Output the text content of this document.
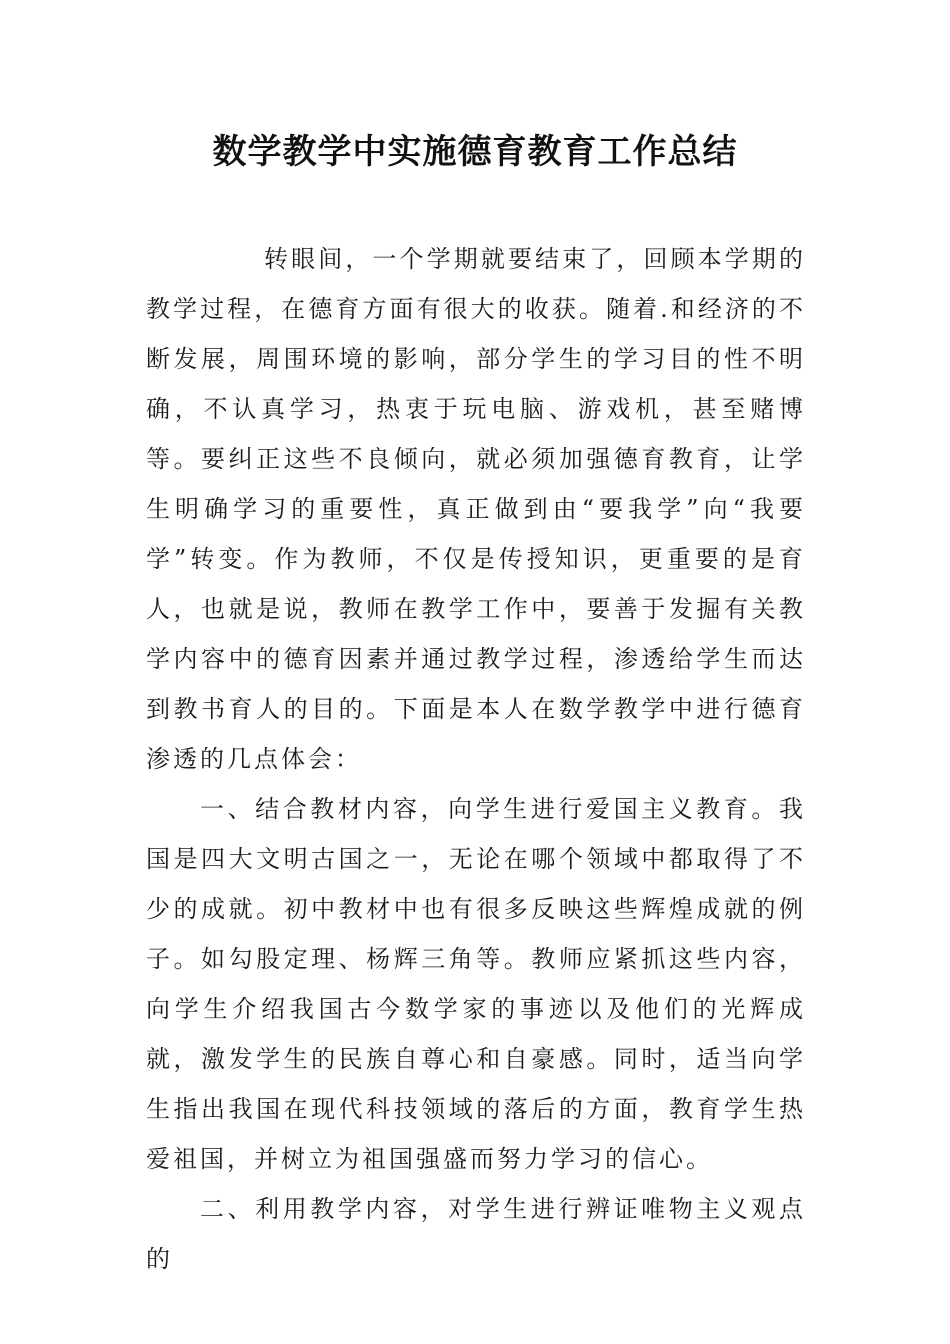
数学教学中实施德育教育工作总结

转眼间，一个学期就要结束了，回顾本学期的教学过程，在德育方面有很大的收获。随着.和经济的不断发展，周围环境的影响，部分学生的学习目的性不明确，不认真学习，热衷于玩电脑、游戏机，甚至赌博等。要纠正这些不良倾向，就必须加强德育教育，让学生明确学习的重要性，真正做到由“要我学”向“我要学”转变。作为教师，不仅是传授知识，更重要的是育人，也就是说，教师在教学工作中，要善于发掘有关教学内容中的德育因素并通过教学过程，渗透给学生而达到教书育人的目的。下面是本人在数学教学中进行德育渗透的几点体会：

一、结合教材内容，向学生进行爱国主义教育。我国是四大文明古国之一，无论在哪个领域中都取得了不少的成就。初中教材中也有很多反映这些辉煌成就的例子。如勾股定理、杨辉三角等。教师应紧抓这些内容，向学生介绍我国古今数学家的事迹以及他们的光辉成就，激发学生的民族自尊心和自豪感。同时，适当向学生指出我国在现代科技领域的落后的方面，教育学生热爱祖国，并树立为祖国强盛而努力学习的信心。

二、利用教学内容，对学生进行辨证唯物主义观点的
